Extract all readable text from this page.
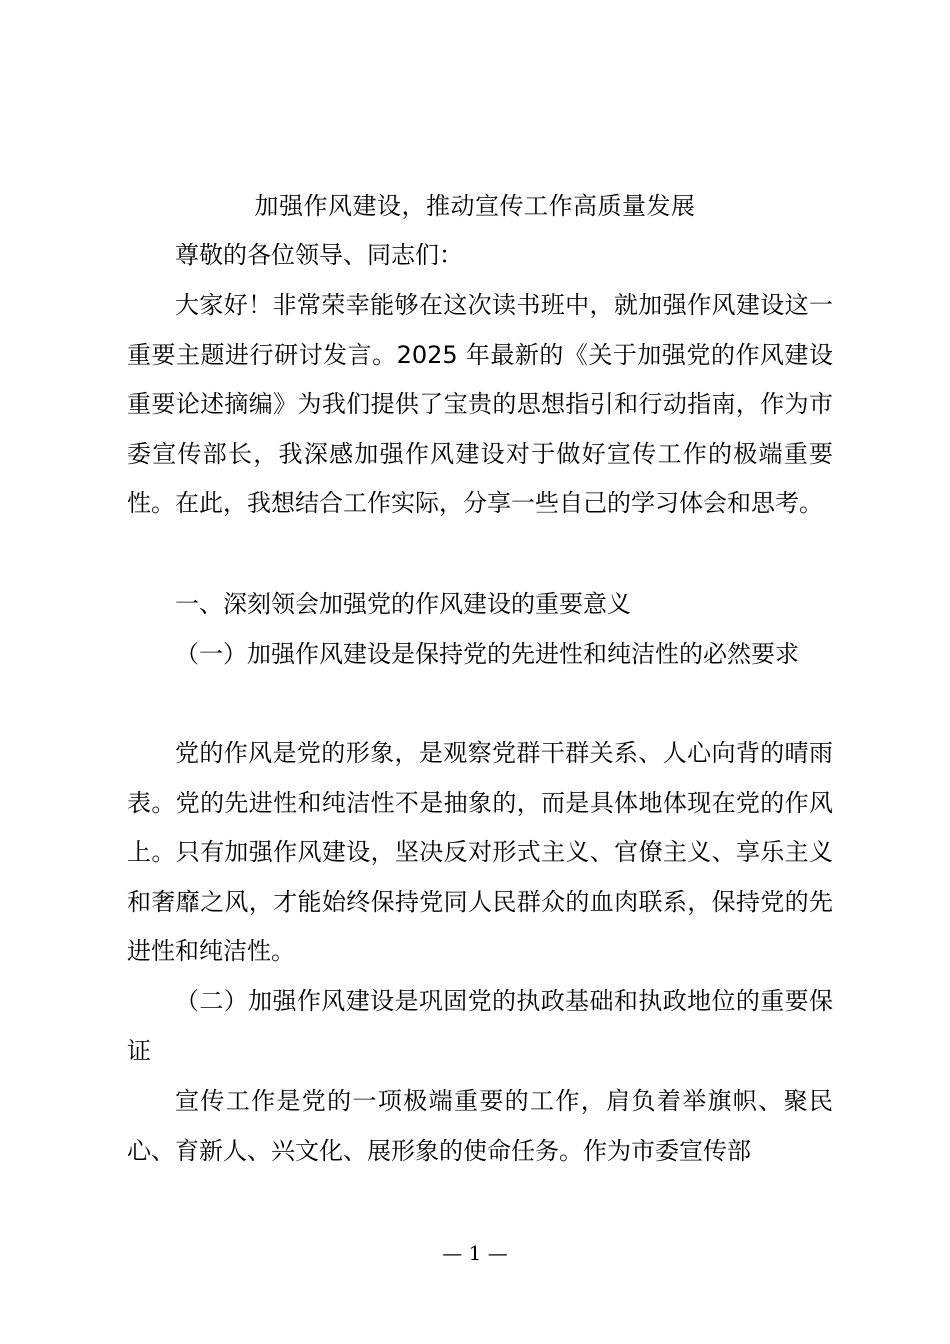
加强作风建设，推动宣传工作高质量发展

尊敬的各位领导、同志们：

大家好！非常荣幸能够在这次读书班中，就加强作风建设这一重要主题进行研讨发言。2025 年最新的《关于加强党的作风建设重要论述摘编》为我们提供了宝贵的思想指引和行动指南，作为市委宣传部长，我深感加强作风建设对于做好宣传工作的极端重要性。在此，我想结合工作实际，分享一些自己的学习体会和思考。

一、深刻领会加强党的作风建设的重要意义

（一）加强作风建设是保持党的先进性和纯洁性的必然要求

党的作风是党的形象，是观察党群干群关系、人心向背的晴雨表。党的先进性和纯洁性不是抽象的，而是具体地体现在党的作风上。只有加强作风建设，坚决反对形式主义、官僚主义、享乐主义和奢靡之风，才能始终保持党同人民群众的血肉联系，保持党的先进性和纯洁性。

（二）加强作风建设是巩固党的执政基础和执政地位的重要保证

宣传工作是党的一项极端重要的工作，肩负着举旗帜、聚民心、育新人、兴文化、展形象的使命任务。作为市委宣传部

— 1 —
